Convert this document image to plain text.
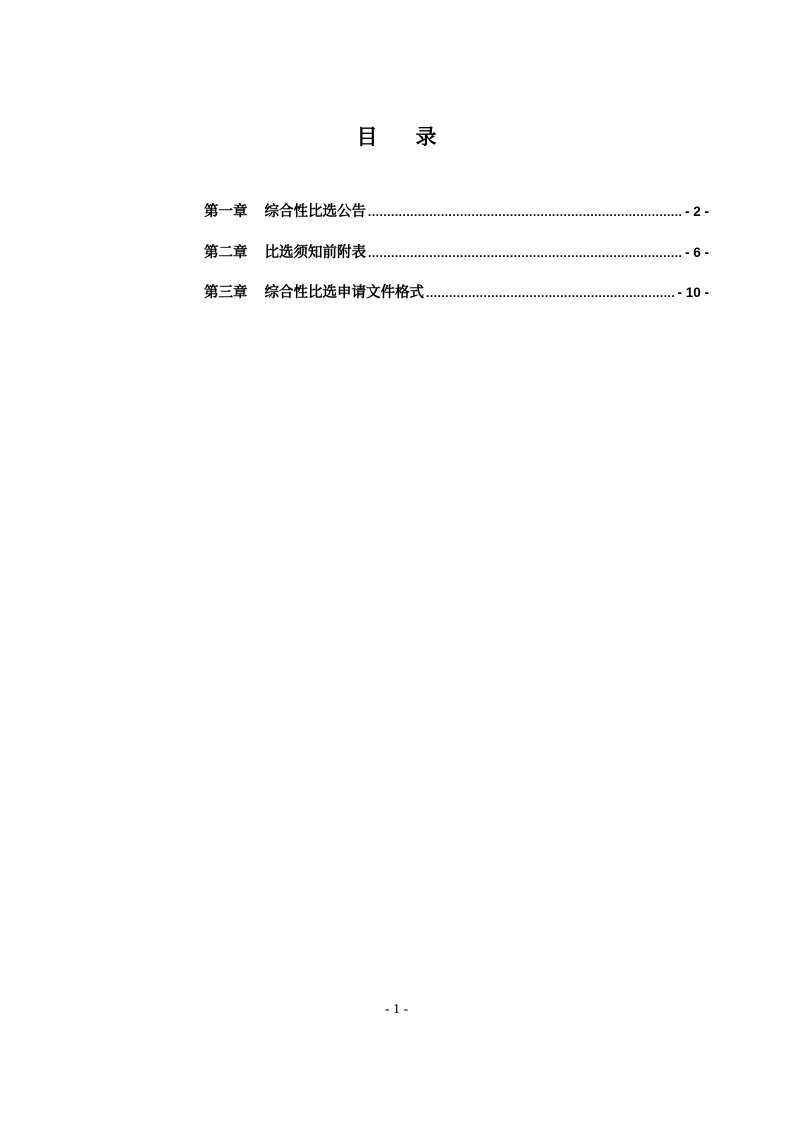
目 录
第一章 综合性比选公告 .....	- 2 -
第二章 比选须知前附表 .....	- 6 -
第三章 综合性比选申请文件格式 .....	- 10 -
- 1 -
